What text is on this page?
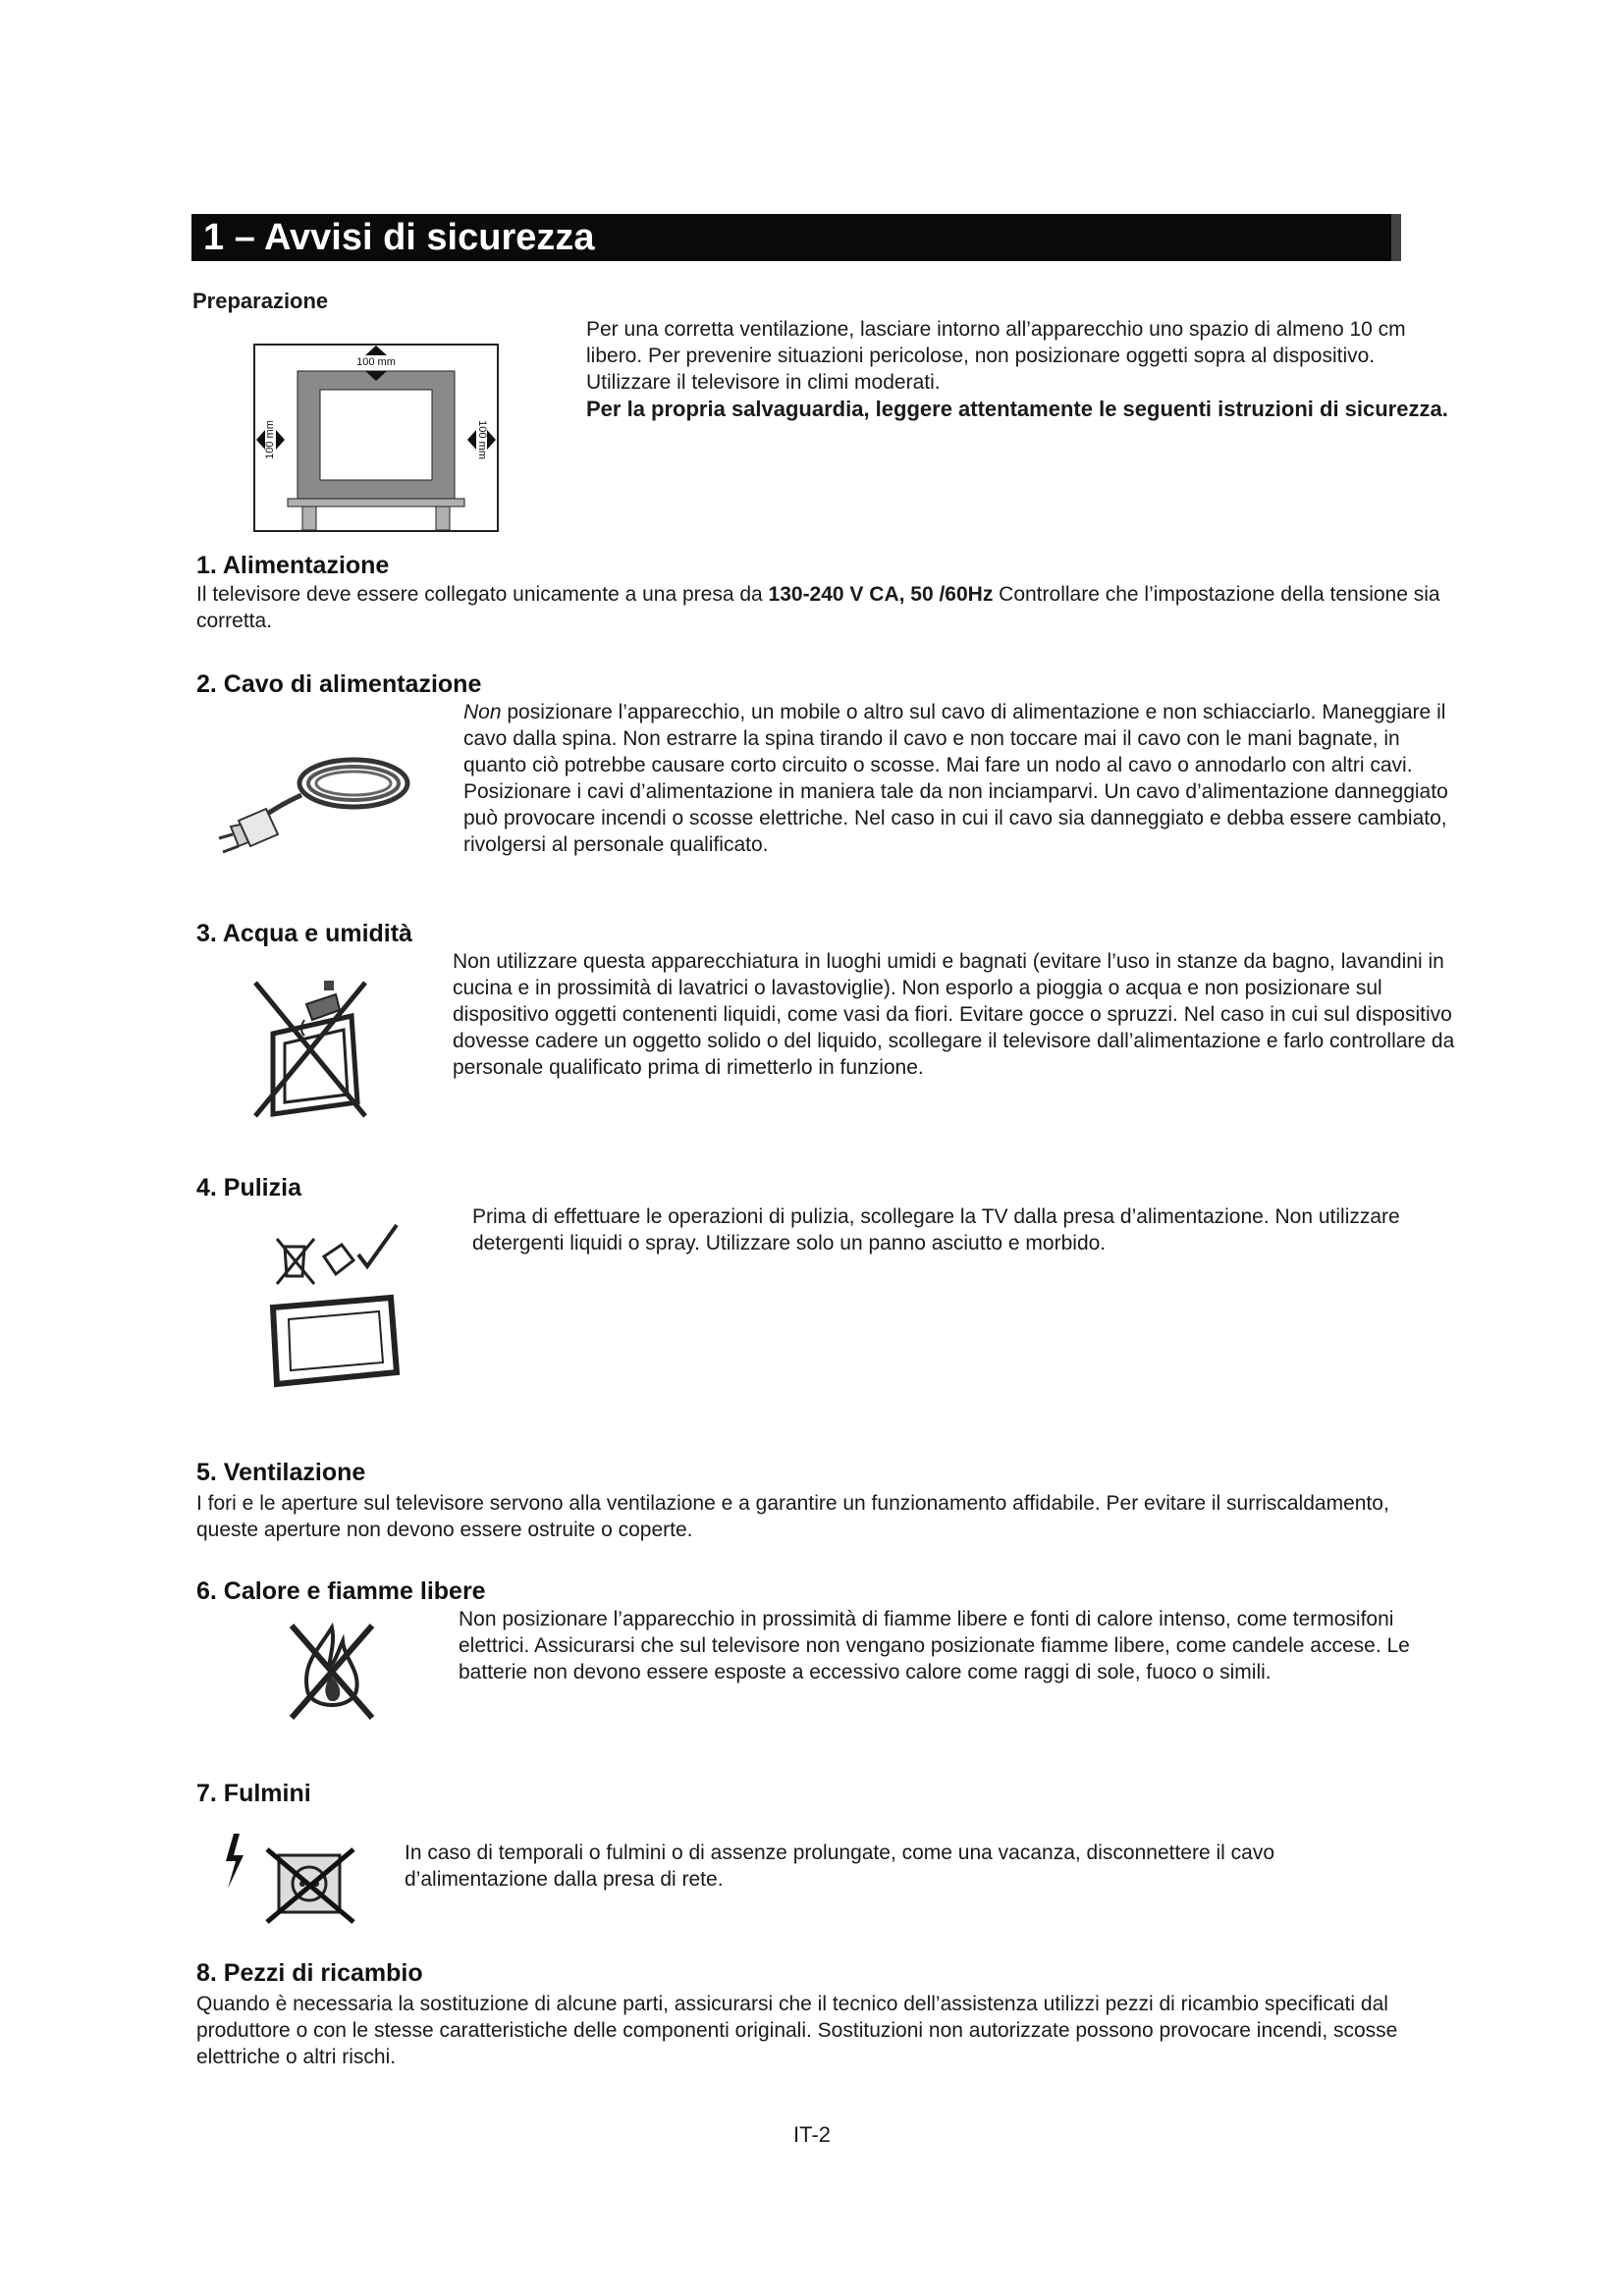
1 – Avvisi di sicurezza
Preparazione
100 mm
100 mm	100 mm

Per una corretta ventilazione, lasciare intorno all’apparecchio uno spazio di almeno 10 cm libero. Per prevenire situazioni pericolose, non posizionare oggetti sopra al dispositivo. Utilizzare il televisore in climi moderati.

Per la propria salvaguardia, leggere attentamente le seguenti istruzioni di sicurezza.

1. Alimentazione
Il televisore deve essere collegato unicamente a una presa da 130-240 V CA, 50 /60Hz Controllare che l’impostazione della tensione sia corretta.
2. Cavo di alimentazione
Non posizionare l’apparecchio, un mobile o altro sul cavo di alimentazione e non schiacciarlo. Maneggiare il cavo dalla spina. Non estrarre la spina tirando il cavo e non toccare mai il cavo con le mani bagnate, in quanto ciò potrebbe causare corto circuito o scosse. Mai fare un nodo al cavo o annodarlo con altri cavi. Posizionare i cavi d’alimentazione in maniera tale da non inciamparvi. Un cavo d’alimentazione danneggiato può provocare incendi o scosse elettriche. Nel caso in cui il cavo sia danneggiato e debba essere cambiato, rivolgersi al personale qualificato.
3. Acqua e umidità
Non utilizzare questa apparecchiatura in luoghi umidi e bagnati (evitare l’uso in stanze da bagno, lavandini in cucina e in prossimità di lavatrici o lavastoviglie). Non esporlo a pioggia o acqua e non posizionare sul dispositivo oggetti contenenti liquidi, come vasi da fiori. Evitare gocce o spruzzi. Nel caso in cui sul dispositivo dovesse cadere un oggetto solido o del liquido, scollegare il televisore dall’alimentazione e farlo controllare da personale qualificato prima di rimetterlo in funzione.
4. Pulizia
Prima di effettuare le operazioni di pulizia, scollegare la TV dalla presa d’alimentazione. Non utilizzare detergenti liquidi o spray. Utilizzare solo un panno asciutto e morbido.
5. Ventilazione
I fori e le aperture sul televisore servono alla ventilazione e a garantire un funzionamento affidabile. Per evitare il surriscaldamento, queste aperture non devono essere ostruite o coperte.
6. Calore e fiamme libere
Non posizionare l’apparecchio in prossimità di fiamme libere e fonti di calore intenso, come termosifoni elettrici. Assicurarsi che sul televisore non vengano posizionate fiamme libere, come candele accese. Le batterie non devono essere esposte a eccessivo calore come raggi di sole, fuoco o simili.
7. Fulmini
In caso di temporali o fulmini o di assenze prolungate, come una vacanza, disconnettere il cavo d’alimentazione dalla presa di rete.
8. Pezzi di ricambio
Quando è necessaria la sostituzione di alcune parti, assicurarsi che il tecnico dell’assistenza utilizzi pezzi di ricambio specificati dal produttore o con le stesse caratteristiche delle componenti originali. Sostituzioni non autorizzate possono provocare incendi, scosse elettriche o altri rischi.
IT-2
